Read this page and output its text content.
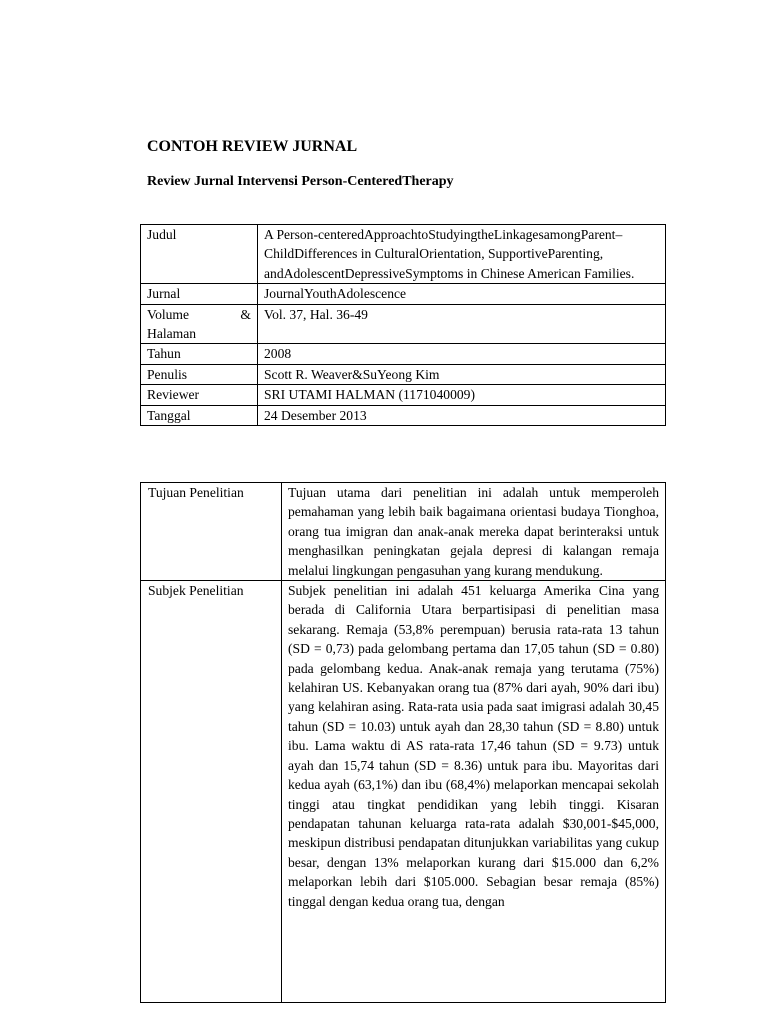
CONTOH REVIEW JURNAL
Review Jurnal Intervensi Person-CenteredTherapy
Judul	A Person-centeredApproachtoStudyingtheLinkagesamongParent–ChildDifferences in CulturalOrientation, SupportiveParenting, andAdolescentDepressiveSymptoms in Chinese American Families.
Jurnal	JournalYouthAdolescence

Volume &
Halaman	Vol. 37, Hal. 36-49
Tahun	2008
Penulis	Scott R. Weaver&SuYeong Kim
Reviewer	SRI UTAMI HALMAN (1171040009)
Tanggal	24 Desember 2013
Tujuan Penelitian	Tujuan utama dari penelitian ini adalah untuk memperoleh pemahaman yang lebih baik bagaimana orientasi budaya Tionghoa, orang tua imigran dan anak-anak mereka dapat berinteraksi untuk menghasilkan peningkatan gejala depresi di kalangan remaja melalui lingkungan pengasuhan yang kurang mendukung.
Subjek Penelitian	Subjek penelitian ini adalah 451 keluarga Amerika Cina yang berada di California Utara berpartisipasi di penelitian masa sekarang. Remaja (53,8% perempuan) berusia rata-rata 13 tahun (SD = 0,73) pada gelombang pertama dan 17,05 tahun (SD = 0.80) pada gelombang kedua. Anak-anak remaja yang terutama (75%) kelahiran US. Kebanyakan orang tua (87% dari ayah, 90% dari ibu) yang kelahiran asing. Rata-rata usia pada saat imigrasi adalah 30,45 tahun (SD = 10.03) untuk ayah dan 28,30 tahun (SD = 8.80) untuk ibu. Lama waktu di AS rata-rata 17,46 tahun (SD = 9.73) untuk ayah dan 15,74 tahun (SD = 8.36) untuk para ibu. Mayoritas dari kedua ayah (63,1%) dan ibu (68,4%) melaporkan mencapai sekolah tinggi atau tingkat pendidikan yang lebih tinggi. Kisaran pendapatan tahunan keluarga rata-rata adalah $30,001-$45,000, meskipun distribusi pendapatan ditunjukkan variabilitas yang cukup besar, dengan 13% melaporkan kurang dari $15.000 dan 6,2% melaporkan lebih dari $105.000. Sebagian besar remaja (85%) tinggal dengan kedua orang tua, dengan
